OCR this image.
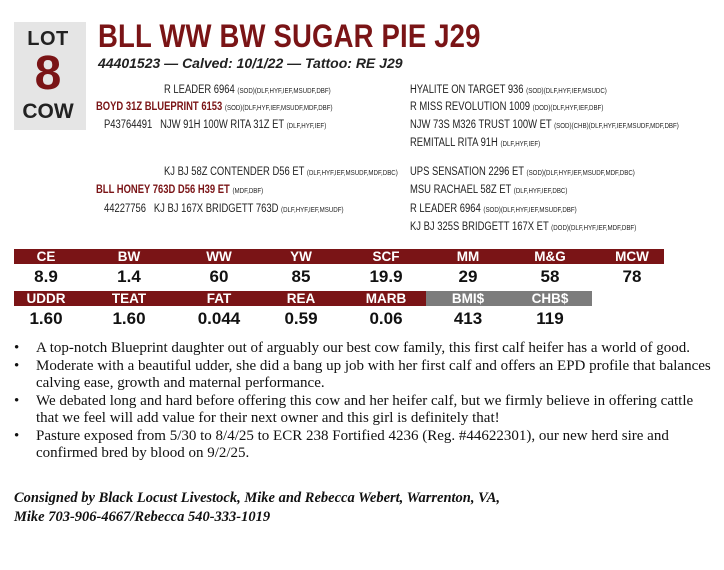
LOT
8
COW
BLL WW BW SUGAR PIE J29
44401523 — Calved: 10/1/22 — Tattoo: RE J29
R LEADER 6964 (SOD)(DLF,HYF,IEF,MSUDF,DBF)
BOYD 31Z BLUEPRINT 6153 (SOD)(DLF,HYF,IEF,MSUDF,MDF,DBF)
P43764491 NJW 91H 100W RITA 31Z ET (DLF,HYF,IEF)
HYALITE ON TARGET 936 (SOD)(DLF,HYF,IEF,MSUDC)
R MISS REVOLUTION 1009 (DOD)(DLF,HYF,IEF,DBF)
NJW 73S M326 TRUST 100W ET (SOD)(CHB)(DLF,HYF,IEF,MSUDF,MDF,DBF)
REMITALL RITA 91H (DLF,HYF,IEF)
KJ BJ 58Z CONTENDER D56 ET (DLF,HYF,IEF,MSUDF,MDF,DBC)
BLL HONEY 763D D56 H39 ET (MDF,DBF)
44227756 KJ BJ 167X BRIDGETT 763D (DLF,HYF,IEF,MSUDF)
UPS SENSATION 2296 ET (SOD)(DLF,HYF,IEF,MSUDF,MDF,DBC)
MSU RACHAEL 58Z ET (DLF,HYF,IEF,DBC)
R LEADER 6964 (SOD)(DLF,HYF,IEF,MSUDF,DBF)
KJ BJ 325S BRIDGETT 167X ET (DOD)(DLF,HYF,IEF,MDF,DBF)
CE	BW	WW	YW	SCF	MM	M&G	MCW
8.9	1.4	60	85	19.9	29	58	78
UDDR	TEAT	FAT	REA	MARB	BMI$	CHB$
1.60	1.60	0.044	0.59	0.06	413	119
• A top-notch Blueprint daughter out of arguably our best cow family, this first calf heifer has a world of good.
• Moderate with a beautiful udder, she did a bang up job with her first calf and offers an EPD profile that balances calving ease, growth and maternal performance.
• We debated long and hard before offering this cow and her heifer calf, but we firmly believe in offering cattle that we feel will add value for their next owner and this girl is definitely that!
• Pasture exposed from 5/30 to 8/4/25 to ECR 238 Fortified 4236 (Reg. #44622301), our new herd sire and confirmed bred by blood on 9/2/25.
Consigned by Black Locust Livestock, Mike and Rebecca Webert, Warrenton, VA,
Mike 703-906-4667/Rebecca 540-333-1019
